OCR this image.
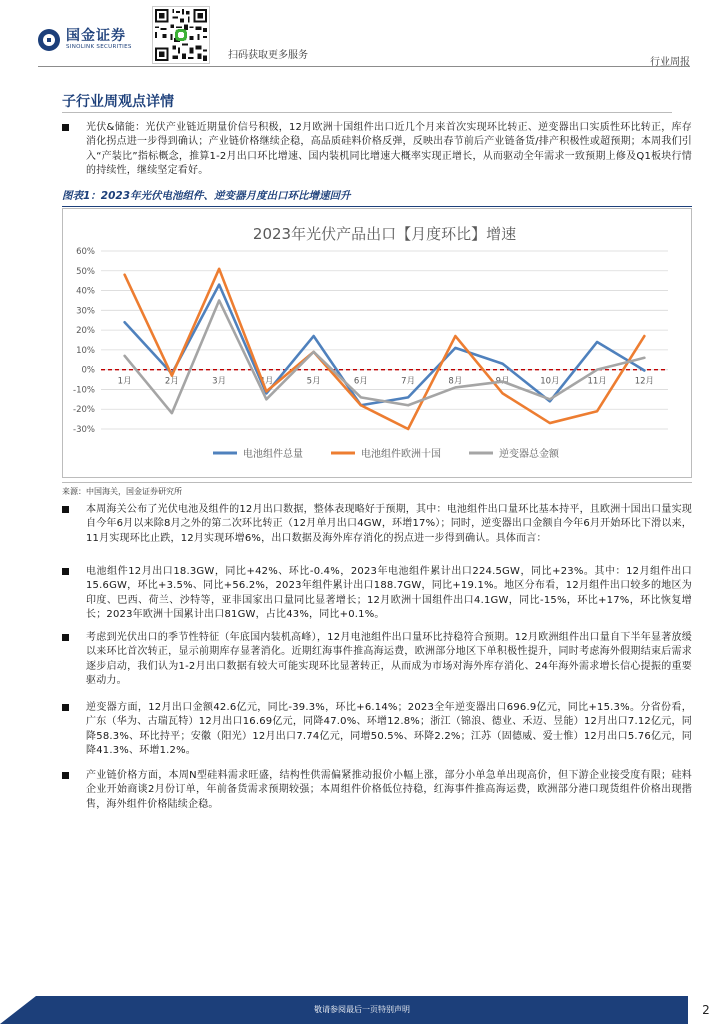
国金证券
SINOLINK SECURITIES
扫码获取更多服务
行业周报
子行业周观点详情
光伏&储能：光伏产业链近期量价信号积极，12月欧洲十国组件出口近几个月来首次实现环比转正、逆变器出口实质性环比转正，库存消化拐点进一步得到确认；产业链价格继续企稳，高品质硅料价格反弹，反映出春节前后产业链备货/排产积极性或超预期；本周我们引入“产装比”指标概念，推算1-2月出口环比增速、国内装机同比增速大概率实现正增长，从而驱动全年需求一致预期上修及Q1板块行情的持续性，继续坚定看好。
图表1：2023年光伏电池组件、逆变器月度出口环比增速回升
2023年光伏产品出口【月度环比】增速
60%
50%
40%
30%
20%
10%
0%
-10%
-20%
-30%
1月	2月	3月	4月	5月	6月	7月	8月	9月	10月	11月	12月
电池组件总量	电池组件欧洲十国	逆变器总金额
来源：中国海关，国金证券研究所
本周海关公布了光伏电池及组件的12月出口数据，整体表现略好于预期，其中：电池组件出口量环比基本持平，且欧洲十国出口量实现自今年6月以来除8月之外的第二次环比转正（12月单月出口4GW，环增17%）；同时，逆变器出口金额自今年6月开始环比下滑以来，11月实现环比止跌，12月实现环增6%，出口数据及海外库存消化的拐点进一步得到确认。具体而言：
电池组件12月出口18.3GW，同比+42%、环比-0.4%，2023年电池组件累计出口224.5GW，同比+23%。其中：12月组件出口15.6GW，环比+3.5%、同比+56.2%，2023年组件累计出口188.7GW，同比+19.1%。地区分布看，12月组件出口较多的地区为印度、巴西、荷兰、沙特等，亚非国家出口量同比显著增长；12月欧洲十国组件出口4.1GW，同比-15%，环比+17%，环比恢复增长；2023年欧洲十国累计出口81GW，占比43%，同比+0.1%。
考虑到光伏出口的季节性特征（年底国内装机高峰），12月电池组件出口量环比持稳符合预期。12月欧洲组件出口量自下半年显著放缓以来环比首次转正，显示前期库存显著消化。近期红海事件推高海运费，欧洲部分地区下单积极性提升，同时考虑海外假期结束后需求逐步启动，我们认为1-2月出口数据有较大可能实现环比显著转正，从而成为市场对海外库存消化、24年海外需求增长信心提振的重要驱动力。
逆变器方面，12月出口金额42.6亿元，同比-39.3%，环比+6.14%；2023全年逆变器出口696.9亿元，同比+15.3%。分省份看，广东（华为、古瑞瓦特）12月出口16.69亿元，同降47.0%、环增12.8%；浙江（锦浪、德业、禾迈、昱能）12月出口7.12亿元，同降58.3%、环比持平；安徽（阳光）12月出口7.74亿元，同增50.5%、环降2.2%；江苏（固德威、爱士惟）12月出口5.76亿元，同降41.3%、环增1.2%。
产业链价格方面，本周N型硅料需求旺盛，结构性供需偏紧推动报价小幅上涨，部分小单急单出现高价，但下游企业接受度有限；硅料企业开始商谈2月份订单，年前备货需求预期较强；本周组件价格低位持稳，红海事件推高海运费，欧洲部分港口现货组件价格出现揩售，海外组件价格陆续企稳。
敬请参阅最后一页特别声明	2
